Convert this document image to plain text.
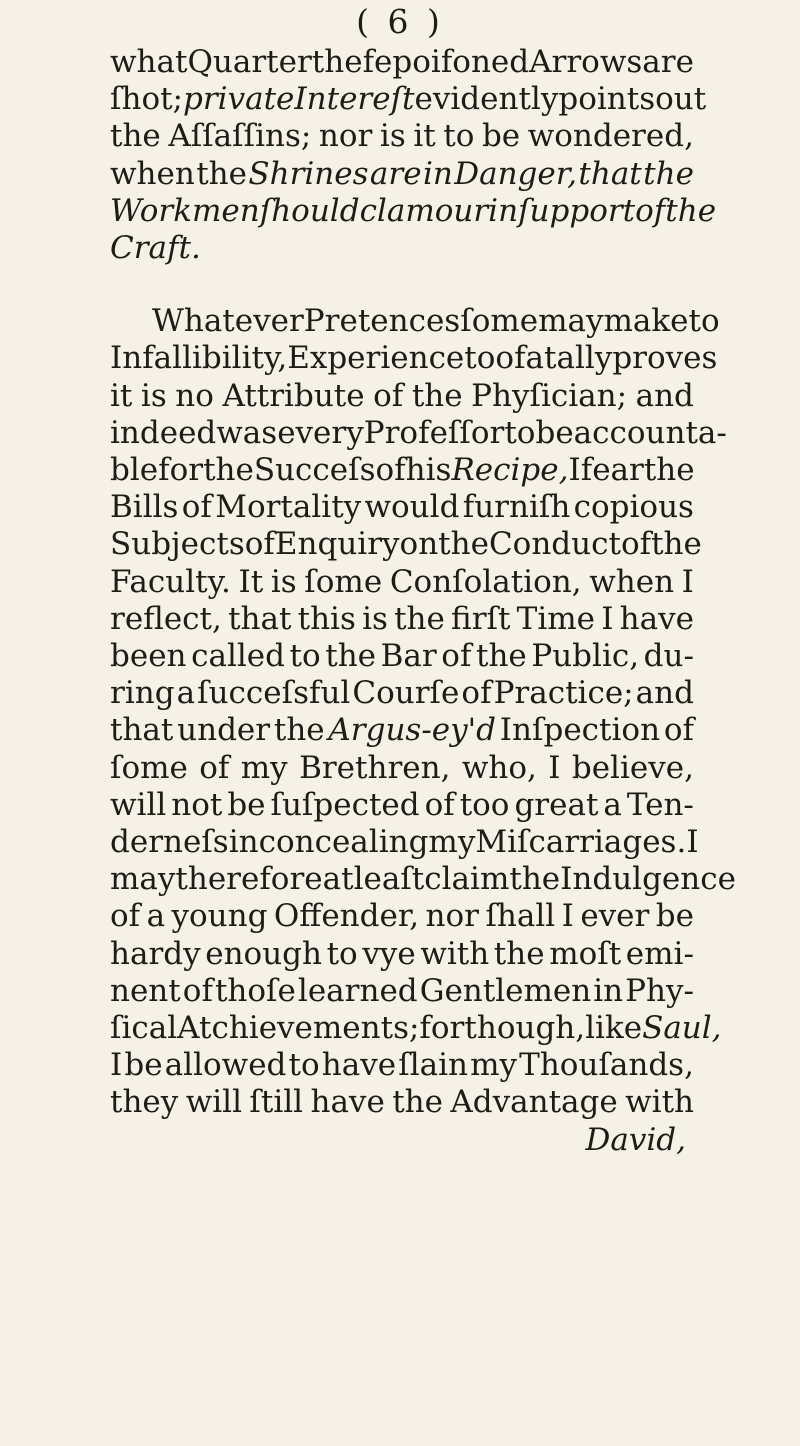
( 6 )
what Quarter thefe poifoned Arrows are
ſhot; private Intereſt evidently points out
the Aſſaſſins; nor is it to be wondered,
when the Shrines are in Danger, that the
Workmen ſhould clamour in ſupport of the
Craft.
Whatever Pretences ſome may make to
Infallibility, Experience too fatally proves
it is no Attribute of the Phyſician; and
indeed was every Profeſſor to be accounta-
ble for the Succeſs of his Recipe, I fear the
Bills of Mortality would furniſh copious
Subjects of Enquiry on the Conduct of the
Faculty. It is ſome Conſolation, when I
reflect, that this is the firſt Time I have
been called to the Bar of the Public, du-
ring a ſucceſsful Courſe of Practice; and
that under the Argus-ey'd Inſpection of
ſome of my Brethren, who, I believe,
will not be ſuſpected of too great a Ten-
derneſs in concealing my Miſcarriages. I
may therefore at leaſt claim the Indulgence
of a young Offender, nor ſhall I ever be
hardy enough to vye with the moſt emi-
nent of thoſe learned Gentlemen in Phy-
ſical Atchievements; for though, like Saul,
I be allowed to have ſlain my Thouſands,
they will ſtill have the Advantage with
David,
